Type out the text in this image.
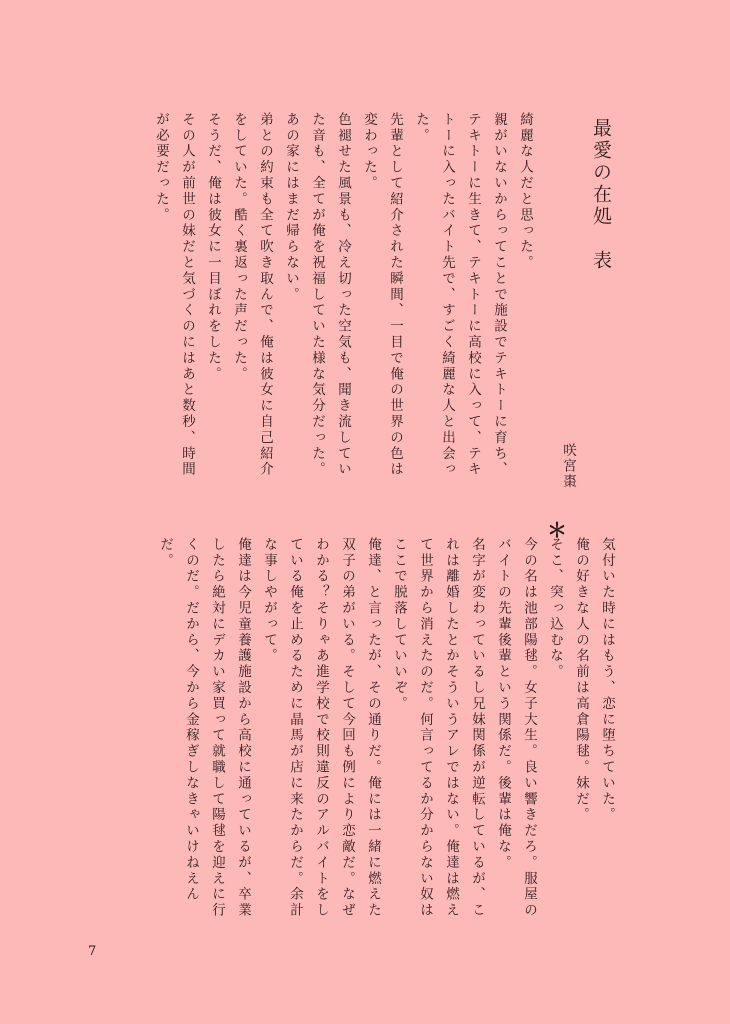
最愛の在処　表
咲宮棗
＊

綺麗な人だと思った。

親がいないからってことで施設でテキトーに育ち、テキトーに生きて、テキトーに高校に入って、テキトーに入ったバイト先で、すごく綺麗な人と出会った。

先輩として紹介された瞬間、一目で俺の世界の色は変わった。

色褪せた風景も、冷え切った空気も、聞き流していた音も、全てが俺を祝福していた様な気分だった。

あの家にはまだ帰らない。

弟との約束も全て吹き取んで、俺は彼女に自己紹介をしていた。酷く裏返った声だった。

そうだ、俺は彼女に一目ぼれをした。

その人が前世の妹だと気づくのにはあと数秒、時間が必要だった。

気付いた時にはもう、恋に堕ちていた。

俺の好きな人の名前は高倉陽毬。妹だ。

そこ、突っ込むな。

今の名は池部陽毬。女子大生。良い響きだろ。服屋のバイトの先輩後輩という関係だ。後輩は俺な。

名字が変わっているし兄妹関係が逆転しているが、これは離婚したとかそういうアレではない。俺達は燃えて世界から消えたのだ。何言ってるか分からない奴はここで脱落していいぞ。

俺達、と言ったが、その通りだ。俺には一緒に燃えた双子の弟がいる。そして今回も例により恋敵だ。なぜわかる？そりゃあ進学校で校則違反のアルバイトをしている俺を止めるために晶馬が店に来たからだ。余計な事しやがって。

俺達は今児童養護施設から高校に通っているが、卒業したら絶対にデカい家買って就職して陽毬を迎えに行くのだ。だから、今から金稼ぎしなきゃいけねえんだ。

7
